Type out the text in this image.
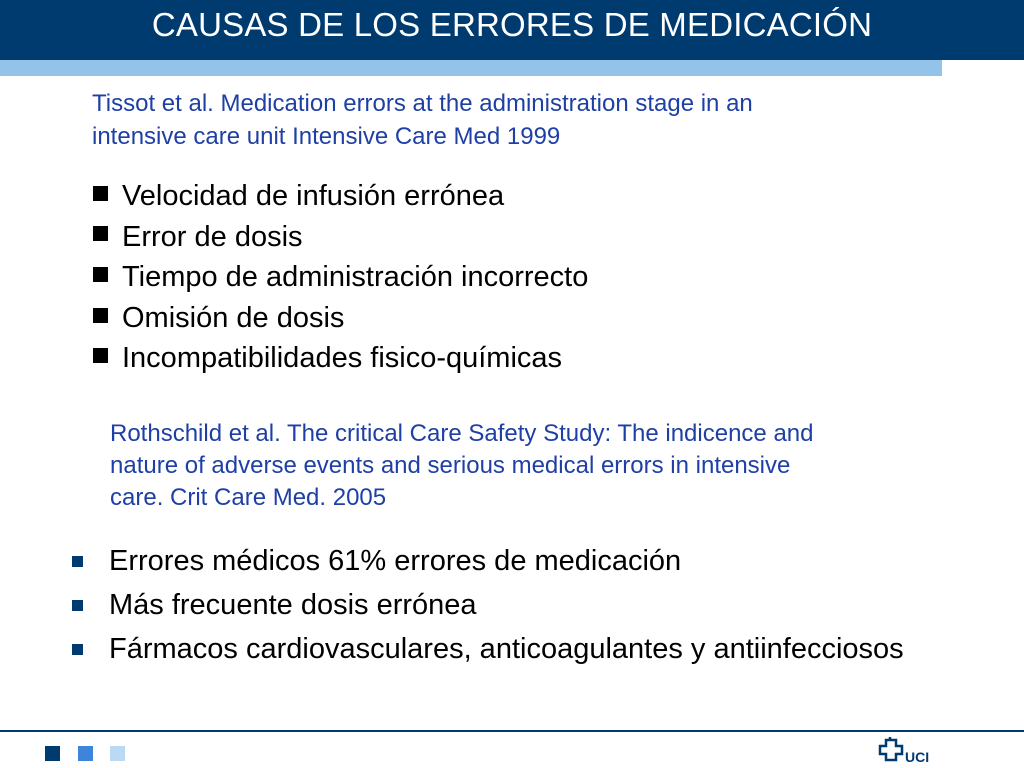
CAUSAS DE LOS ERRORES DE MEDICACIÓN
Tissot et al. Medication errors at the administration stage in an
intensive care unit Intensive Care Med 1999
Velocidad de infusión errónea
Error de dosis
Tiempo de administración incorrecto
Omisión de dosis
Incompatibilidades fisico-químicas
Rothschild et al. The critical Care Safety Study: The indicence and
nature of adverse events and serious medical errors in intensive
care. Crit Care Med. 2005
Errores médicos 61% errores de medicación
Más frecuente dosis errónea
Fármacos cardiovasculares, anticoagulantes y antiinfecciosos
UCI
